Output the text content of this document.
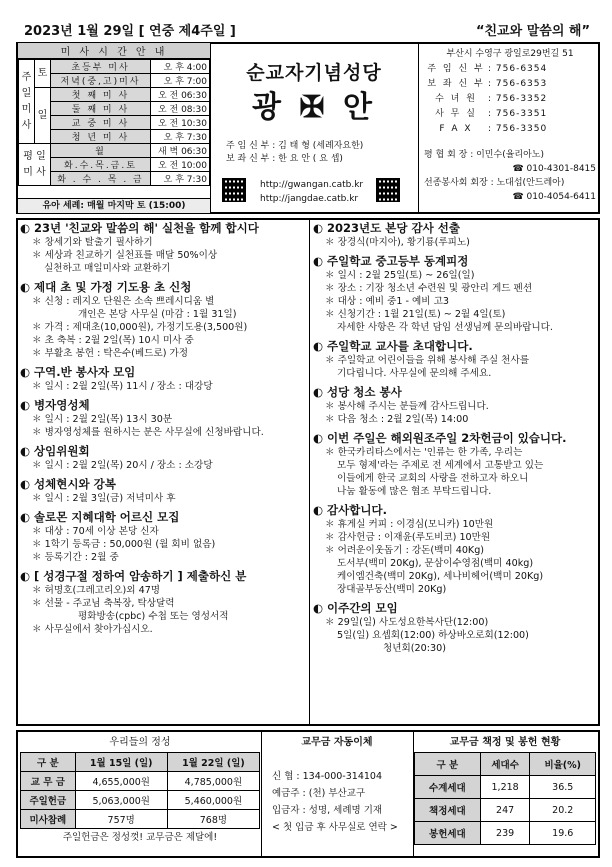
2023년 1월 29일 [ 연중 제4주일 ]	“친교와 말씀의 해”
미 사 시 간 안 내
주
일
미
사	토	초등부 미사	오 후 4:00
		저녁(중,고)미사	오 후 7:00
	일	첫 째 미 사	오 전 06:30
		둘 째 미 사	오 전 08:30
		교 중 미 사	오 전 10:30
		청 년 미 사	오 후 7:30

평 일
미 사		월	새 벽 06:30
		화.수.목.금.토	오 전 10:00
		화 . 수 . 목 . 금	오 후 7:30
유아 세례: 매월 마지막 토 (15:00)
순교자기념성당
광 ✠ 안
주 임 신 부 : 김 태 형 (세례자요한)
보 좌 신 부 : 한 요 안 ( 요 셉)
http://gwangan.catb.kr
http://jangdae.catb.kr
부산시 수영구 광일로29번길 51
주 임 신 부 : 756-6354
보 좌 신 부 : 756-6353
수 녀 원	: 756-3352
사 무 실	: 756-3351
F A X	: 756-3350
평 협 회 장 : 이민수(율리아노)
☎ 010-4301-8415
선종봉사회 회장 : 노대섭(안드레아)
☎ 010-4054-6411
◐ 23년 '친교와 말씀의 해' 실천을 함께 합시다
＊ 창세기와 탈출기 필사하기
＊ 세상과 친교하기 실천표를 매달 50%이상
실천하고 매일미사와 교환하기
◐ 제대 초 및 가정 기도용 초 신청
＊ 신청 : 레지오 단원은 소속 쁘레시디움 별
개인은 본당 사무실 (마감 : 1월 31일)
＊ 가격 : 제대초(10,000원), 가정기도용(3,500원)
＊ 초 축복 : 2월 2일(목) 10시 미사 중
＊ 부활초 봉헌 : 탁은수(베드로) 가정
◐ 구역.반 봉사자 모임
＊ 일시 : 2월 2일(목) 11시 / 장소 : 대강당
◐ 병자영성체
＊ 일시 : 2월 2일(목) 13시 30분
＊ 병자영성체를 원하시는 분은 사무실에 신청바랍니다.
◐ 상임위원회
＊ 일시 : 2월 2일(목) 20시 / 장소 : 소강당
◐ 성체현시와 강복
＊ 일시 : 2월 3일(금) 저녁미사 후
◐ 솔로몬 지혜대학 어르신 모집
＊ 대상 : 70세 이상 본당 신자
＊ 1학기 등록금 : 50,000원 (월 회비 없음)
＊ 등록기간 : 2월 중
◐ [ 성경구절 정하여 암송하기 ] 제출하신 분
＊ 허명호(그레고리오)외 47명
＊ 선물 - 주교님 축복장, 탁상달력
평화방송(cpbc) 수첩 또는 영성서적
＊ 사무실에서 찾아가십시오.
◐ 2023년도 본당 감사 선출
＊ 장경식(마지아), 황기룡(루피노)
◐ 주일학교 중고등부 동계피정
＊ 일시 : 2월 25일(토) ~ 26일(일)
＊ 장소 : 기장 청소년 수련원 및 광안리 게드 펜션
＊ 대상 : 예비 중1 - 예비 고3
＊ 신청기간 : 1월 21일(토) ~ 2월 4일(토)
자세한 사항은 각 학년 담임 선생님께 문의바랍니다.
◐ 주일학교 교사를 초대합니다.
＊ 주일학교 어린이들을 위해 봉사해 주실 천사를
기다립니다. 사무실에 문의해 주세요.
◐ 성당 청소 봉사
＊ 봉사해 주시는 분들께 감사드립니다.
＊ 다음 청소 : 2월 2일(목) 14:00
◐ 이번 주일은 해외원조주일 2차헌금이 있습니다.
＊ 한국카리타스에서는 '인류는 한 가족, 우리는
모두 형제'라는 주제로 전 세계에서 고통받고 있는
이들에게 한국 교회의 사랑을 전하고자 하오니
나눔 활동에 많은 협조 부탁드립니다.
◐ 감사합니다.
＊ 휴게실 커피 : 이경심(모니카) 10만원
＊ 감사헌금 : 이재윤(루도비코) 10만원
＊ 어려운이웃돕기 : 강돈(백미 40Kg)
도서부(백미 20Kg), 문삼이수영점(백미 40kg)
케이엠건축(백미 20Kg), 세나비헤어(백미 20Kg)
장대골부동산(백미 20Kg)
◐ 이주간의 모임
＊ 29일(일) 사도성요한복사단(12:00)
5일(일) 요셉회(12:00) 하상바오로회(12:00)
청년회(20:30)
우리들의 정성
구 분	1월 15일 (일)	1월 22일 (일)
교 무 금	4,655,000원	4,785,000원
주일헌금	5,063,000원	5,460,000원
미사참례	757명	768명
주일헌금은 정성껏! 교무금은 제달에!
교무금 자동이체
신 협 : 134-000-314104
예금주 : (천) 부산교구
입금자 : 성명, 세례명 기재
< 첫 입금 후 사무실로 연락 >
교무금 책정 및 봉헌 현황
구 분	세대수	비율(%)
수계세대	1,218	36.5
책정세대	247	20.2
봉헌세대	239	19.6
